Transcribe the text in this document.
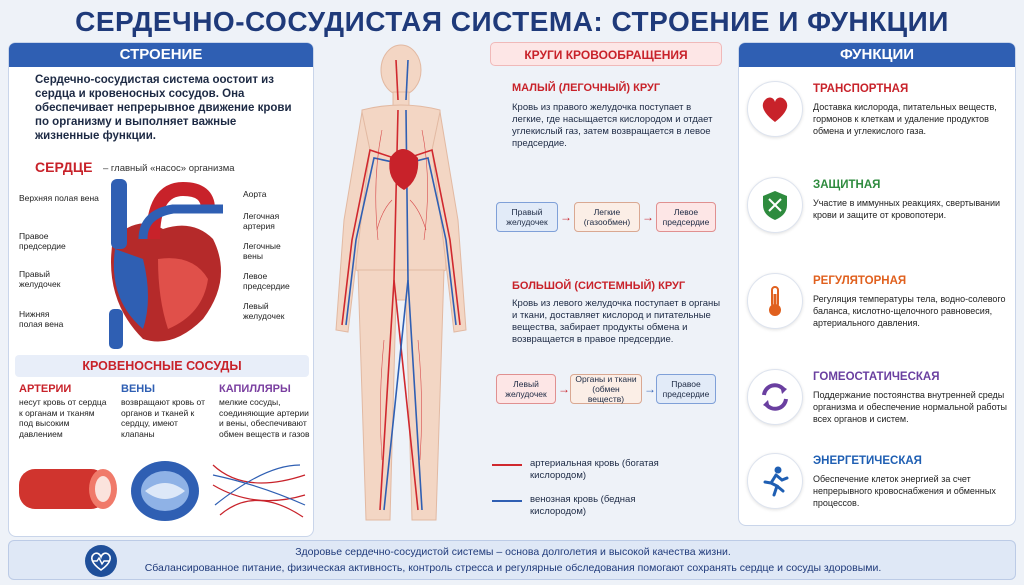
СЕРДЕЧНО-СОСУДИСТАЯ СИСТЕМА: СТРОЕНИЕ И ФУНКЦИИ
СТРОЕНИЕ
Сердечно-сосудистая система оостоит из сердца и кровеносных сосудов. Она обеспечивает непрерывное движение крови по организму и выполняет важные жизненные функции.
СЕРДЦЕ – главный «насос» организма
Верхняя полая вена
Правое предсердие
Правый желудочек
Нижняя полая вена
Аорта
Легочная артерия
Легочные вены
Левое предсердие
Левый желудочек
КРОВЕНОСНЫЕ СОСУДЫ
АРТЕРИИ
несут кровь от сердца к органам и тканям под высоким давлением
ВЕНЫ
возвращают кровь от органов и тканей к сердцу, имеют клапаны
КАПИЛЛЯРЫ
мелкие сосуды, соединяющие артерии и вены, обеспечивают обмен веществ и газов
КРУГИ КРОВООБРАЩЕНИЯ
МАЛЫЙ (ЛЕГОЧНЫЙ) КРУГ
Кровь из правого желудочка поступает в легкие, где насыщается кислородом и отдает углекислый газ, затем возвращается в левое предсердие.
Правый желудочек	→	Легкие (газообмен) →	Левое предсердие
БОЛЬШОЙ (СИСТЕМНЫЙ) КРУГ
Кровь из левого желудочка поступает в органы и ткани, доставляет кислород и питательные вещества, забирает продукты обмена и возвращается в правое предсердие.
Левый желудочек →
Органы и ткани (обмен веществ)
→	Правое предсердие
артериальная кровь (богатая кислородом)
венозная кровь (бедная кислородом)
ФУНКЦИИ
ТРАНСПОРТНАЯ
Доставка кислорода, питательных веществ, гормонов к клеткам и удаление продуктов обмена и углекислого газа.
ЗАЩИТНАЯ
Участие в иммунных реакциях, свертывании крови и защите от кровопотери.
РЕГУЛЯТОРНАЯ
Регуляция температуры тела, водно-солевого баланса, кислотно-щелочного равновесия, артериального давления.
ГОМЕОСТАТИЧЕСКАЯ
Поддержание постоянства внутренней среды организма и обеспечение нормальной работы всех органов и систем.
ЭНЕРГЕТИЧЕСКАЯ
Обеспечение клеток энергией за счет непрерывного кровоснабжения и обменных процессов.
Здоровье сердечно-сосудистой системы – основа долголетия и высокой качества жизни.
Сбалансированное питание, физическая активность, контроль стресса и регулярные обследования помогают сохранять сердце и сосуды здоровыми.
